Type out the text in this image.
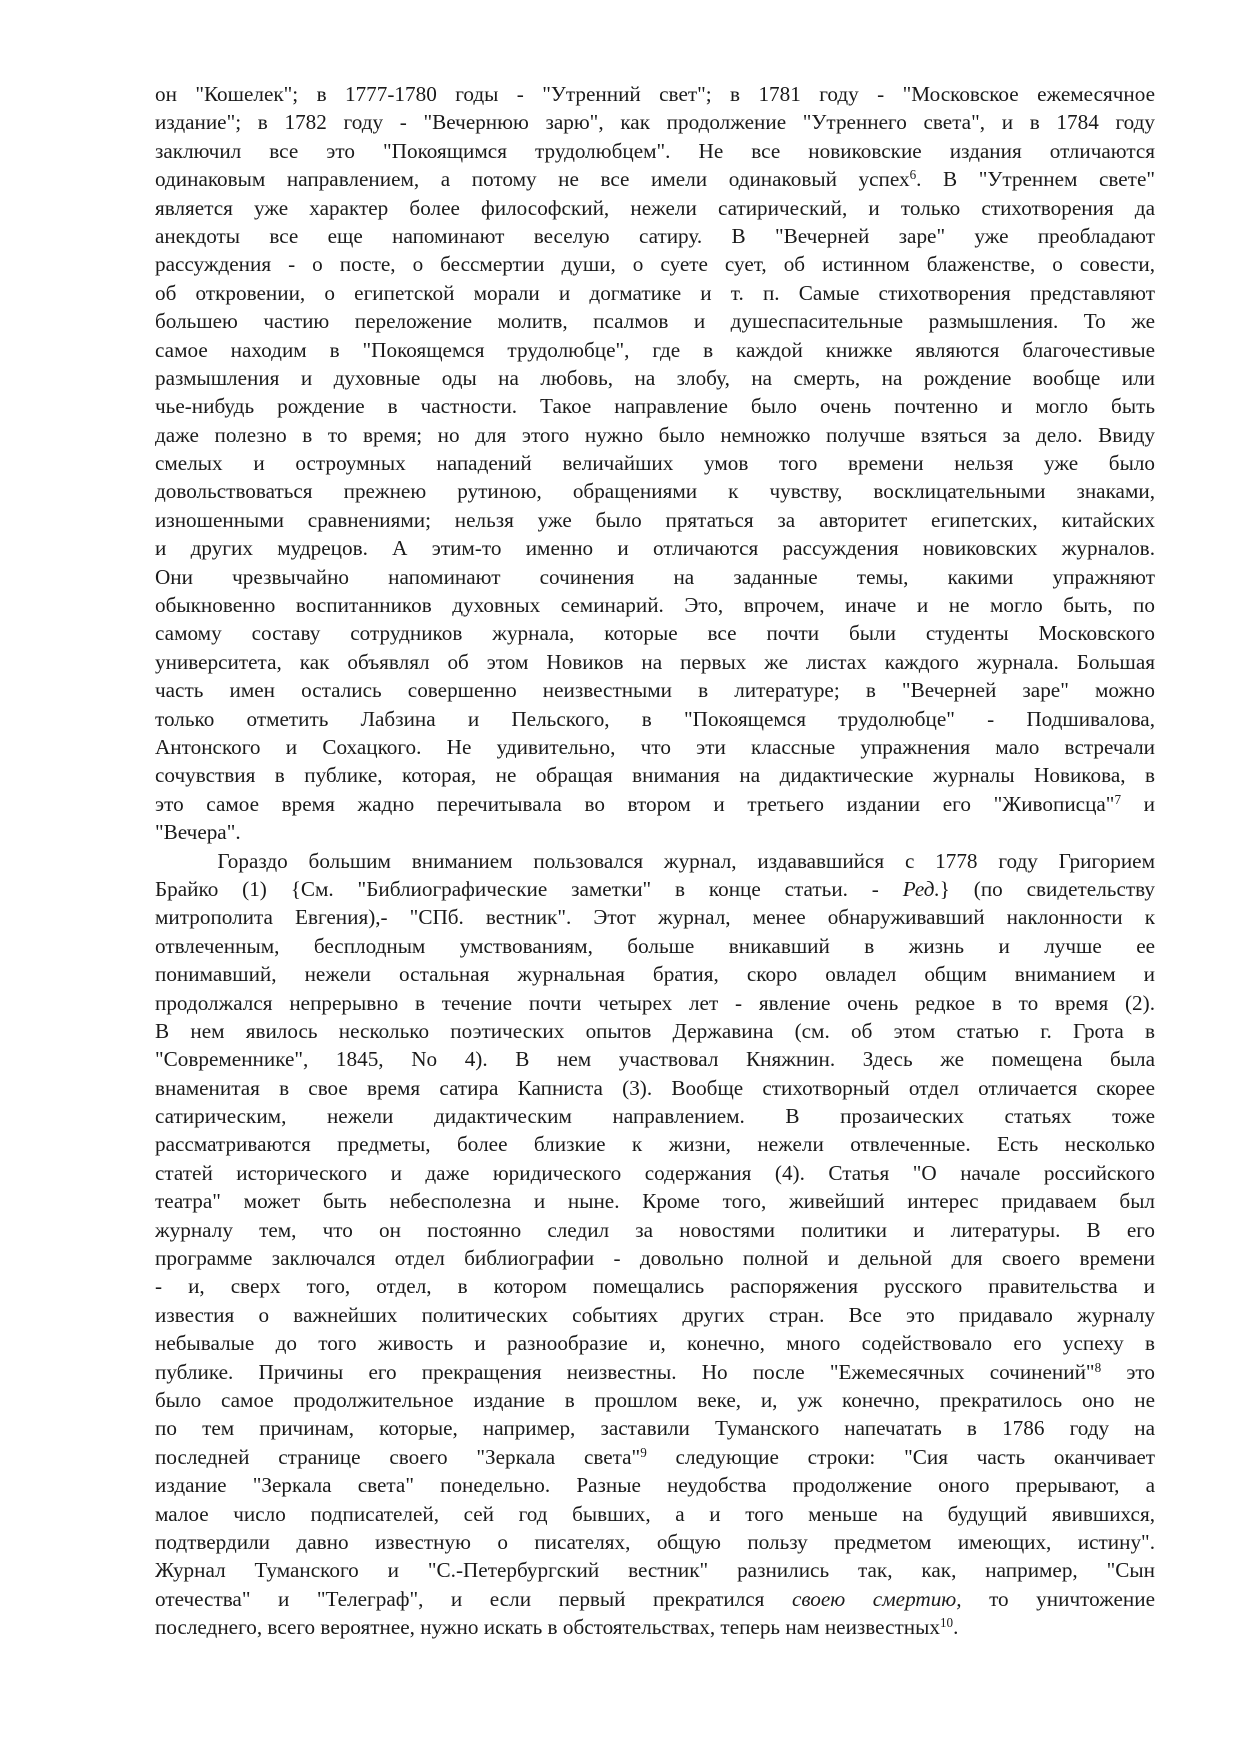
он "Кошелек"; в 1777-1780 годы - "Утренний свет"; в 1781 году - "Московское ежемесячное
издание"; в 1782 году - "Вечернюю зарю", как продолжение "Утреннего света", и в 1784 году
заключил все это "Покоящимся трудолюбцем". Не все новиковские издания отличаются
одинаковым направлением, а потому не все имели одинаковый успех$^6$. В "Утреннем свете"
является уже характер более философский, нежели сатирический, и только стихотворения да
анекдоты все еще напоминают веселую сатиру. В "Вечерней заре" уже преобладают
рассуждения - о посте, о бессмертии души, о суете сует, об истинном блаженстве, о совести,
об откровении, о египетской морали и догматике и т. п. Самые стихотворения представляют
большею частию переложение молитв, псалмов и душеспасительные размышления. То же
самое находим в "Покоящемся трудолюбце", где в каждой книжке являются благочестивые
размышления и духовные оды на любовь, на злобу, на смерть, на рождение вообще или
чье-нибудь рождение в частности. Такое направление было очень почтенно и могло быть
даже полезно в то время; но для этого нужно было немножко получше взяться за дело. Ввиду
смелых и остроумных нападений величайших умов того времени нельзя уже было
довольствоваться прежнею рутиною, обращениями к чувству, восклицательными знаками,
изношенными сравнениями; нельзя уже было прятаться за авторитет египетских, китайских
и других мудрецов. А этим-то именно и отличаются рассуждения новиковских журналов.
Они чрезвычайно напоминают сочинения на заданные темы, какими упражняют
обыкновенно воспитанников духовных семинарий. Это, впрочем, иначе и не могло быть, по
самому составу сотрудников журнала, которые все почти были студенты Московского
университета, как объявлял об этом Новиков на первых же листах каждого журнала. Большая
часть имен остались совершенно неизвестными в литературе; в "Вечерней заре" можно
только отметить Лабзина и Пельского, в "Покоящемся трудолюбце" - Подшивалова,
Антонского и Сохацкого. Не удивительно, что эти классные упражнения мало встречали
сочувствия в публике, которая, не обращая внимания на дидактические журналы Новикова, в
это самое время жадно перечитывала во втором и третьего издании его "Живописца"$^7$ и
"Вечера".
Гораздо большим вниманием пользовался журнал, издававшийся с 1778 году Григорием
Брайко (1) {См. "Библиографические заметки" в конце статьи. - Ред.} (по свидетельству
митрополита Евгения),- "СПб. вестник". Этот журнал, менее обнаруживавший наклонности к
отвлеченным, бесплодным умствованиям, больше вникавший в жизнь и лучше ее
понимавший, нежели остальная журнальная братия, скоро овладел общим вниманием и
продолжался непрерывно в течение почти четырех лет - явление очень редкое в то время (2).
В нем явилось несколько поэтических опытов Державина (см. об этом статью г. Грота в
"Современнике", 1845, No 4). В нем участвовал Княжнин. Здесь же помещена была
внаменитая в свое время сатира Капниста (3). Вообще стихотворный отдел отличается скорее
сатирическим, нежели дидактическим направлением. В прозаических статьях тоже
рассматриваются предметы, более близкие к жизни, нежели отвлеченные. Есть несколько
статей исторического и даже юридического содержания (4). Статья "О начале российского
театра" может быть небесполезна и ныне. Кроме того, живейший интерес придаваем был
журналу тем, что он постоянно следил за новостями политики и литературы. В его
программе заключался отдел библиографии - довольно полной и дельной для своего времени
- и, сверх того, отдел, в котором помещались распоряжения русского правительства и
известия о важнейших политических событиях других стран. Все это придавало журналу
небывалые до того живость и разнообразие и, конечно, много содействовало его успеху в
публике. Причины его прекращения неизвестны. Но после "Ежемесячных сочинений"$^8$ это
было самое продолжительное издание в прошлом веке, и, уж конечно, прекратилось оно не
по тем причинам, которые, например, заставили Туманского напечатать в 1786 году на
последней странице своего "Зеркала света"$^9$ следующие строки: "Сия часть оканчивает
издание "Зеркала света" понедельно. Разные неудобства продолжение оного прерывают, а
малое число подписателей, сей год бывших, а и того меньше на будущий явившихся,
подтвердили давно известную о писателях, общую пользу предметом имеющих, истину".
Журнал Туманского и "С.-Петербургский вестник" разнились так, как, например, "Сын
отечества" и "Телеграф", и если первый прекратился своею смертию, то уничтожение
последнего, всего вероятнее, нужно искать в обстоятельствах, теперь нам неизвестных$^{10}$.
